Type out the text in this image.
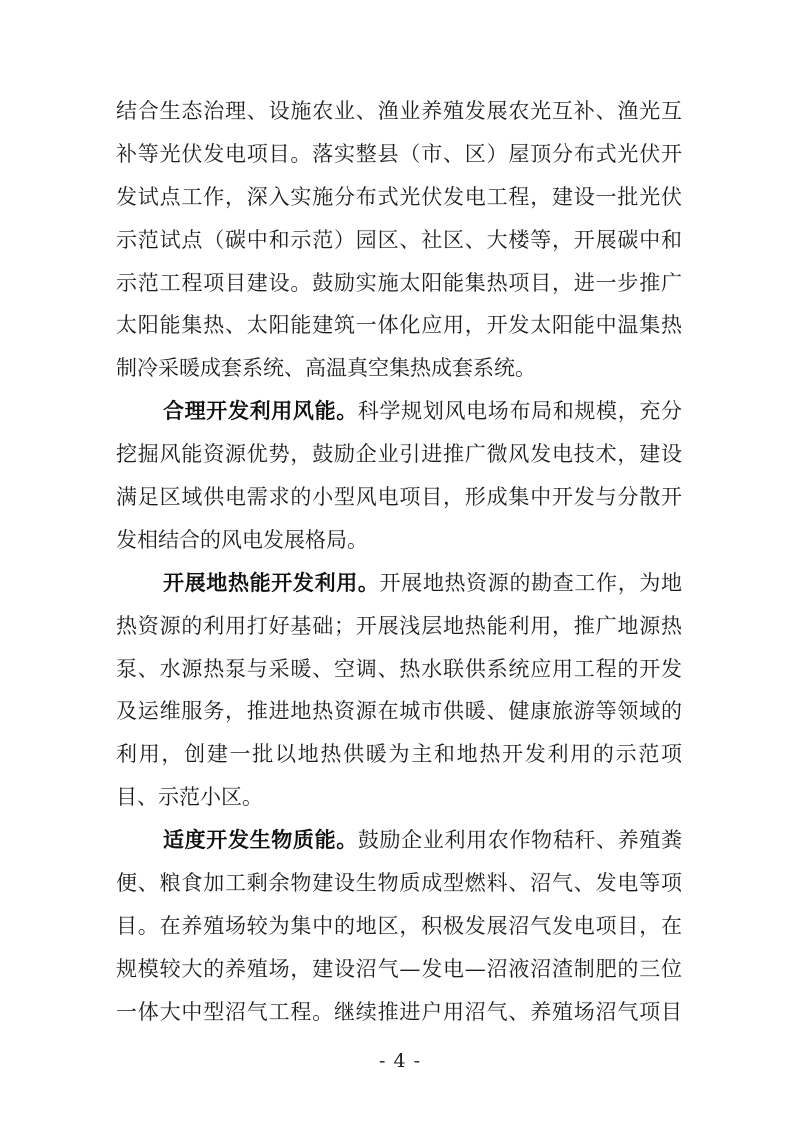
结合生态治理、设施农业、渔业养殖发展农光互补、渔光互
补等光伏发电项目。落实整县（市、区）屋顶分布式光伏开
发试点工作，深入实施分布式光伏发电工程，建设一批光伏
示范试点（碳中和示范）园区、社区、大楼等，开展碳中和
示范工程项目建设。鼓励实施太阳能集热项目，进一步推广
太阳能集热、太阳能建筑一体化应用，开发太阳能中温集热
制冷采暖成套系统、高温真空集热成套系统。
合理开发利用风能。科学规划风电场布局和规模，充分
挖掘风能资源优势，鼓励企业引进推广微风发电技术，建设
满足区域供电需求的小型风电项目，形成集中开发与分散开
发相结合的风电发展格局。
开展地热能开发利用。开展地热资源的勘查工作，为地
热资源的利用打好基础；开展浅层地热能利用，推广地源热
泵、水源热泵与采暖、空调、热水联供系统应用工程的开发
及运维服务，推进地热资源在城市供暖、健康旅游等领域的
利用，创建一批以地热供暖为主和地热开发利用的示范项
目、示范小区。
适度开发生物质能。鼓励企业利用农作物秸秆、养殖粪
便、粮食加工剩余物建设生物质成型燃料、沼气、发电等项
目。在养殖场较为集中的地区，积极发展沼气发电项目，在
规模较大的养殖场，建设沼气—发电—沼液沼渣制肥的三位
一体大中型沼气工程。继续推进户用沼气、养殖场沼气项目
- 4 -
